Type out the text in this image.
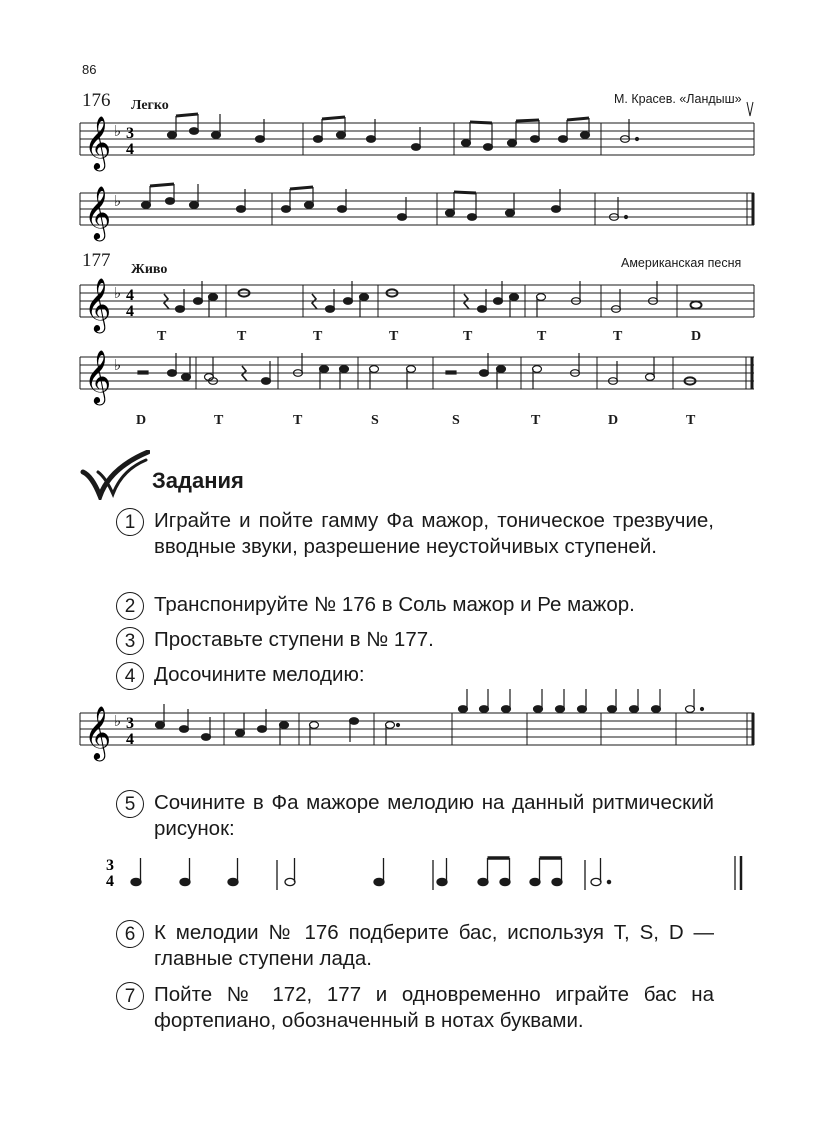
86
176 Легко	М. Красев. «Ландыш»
𝄞 ♭ 3
4
𝄞 ♭
177 Живо	Американская песня
𝄞 ♭ 4
4
T	T	T	T	T	T	T	D
𝄞 ♭
D	T	T	S	S	T	D	T
Задания
1 Играйте и пойте гамму Фа мажор, тоническое трезвучие, вводные звуки, разрешение неустойчивых ступеней.
2 Транспонируйте № 176 в Соль мажор и Ре мажор.
3 Проставьте ступени в № 177.
4 Досочините мелодию:
𝄞 ♭ 3
4
5 Сочините в Фа мажоре мелодию на данный ритмический рисунок:
3
4
6 К мелодии № 176 подберите бас, используя T, S, D — главные ступени лада.
7 Пойте № 172, 177 и одновременно играйте бас на фортепиано, обозначенный в нотах буквами.
